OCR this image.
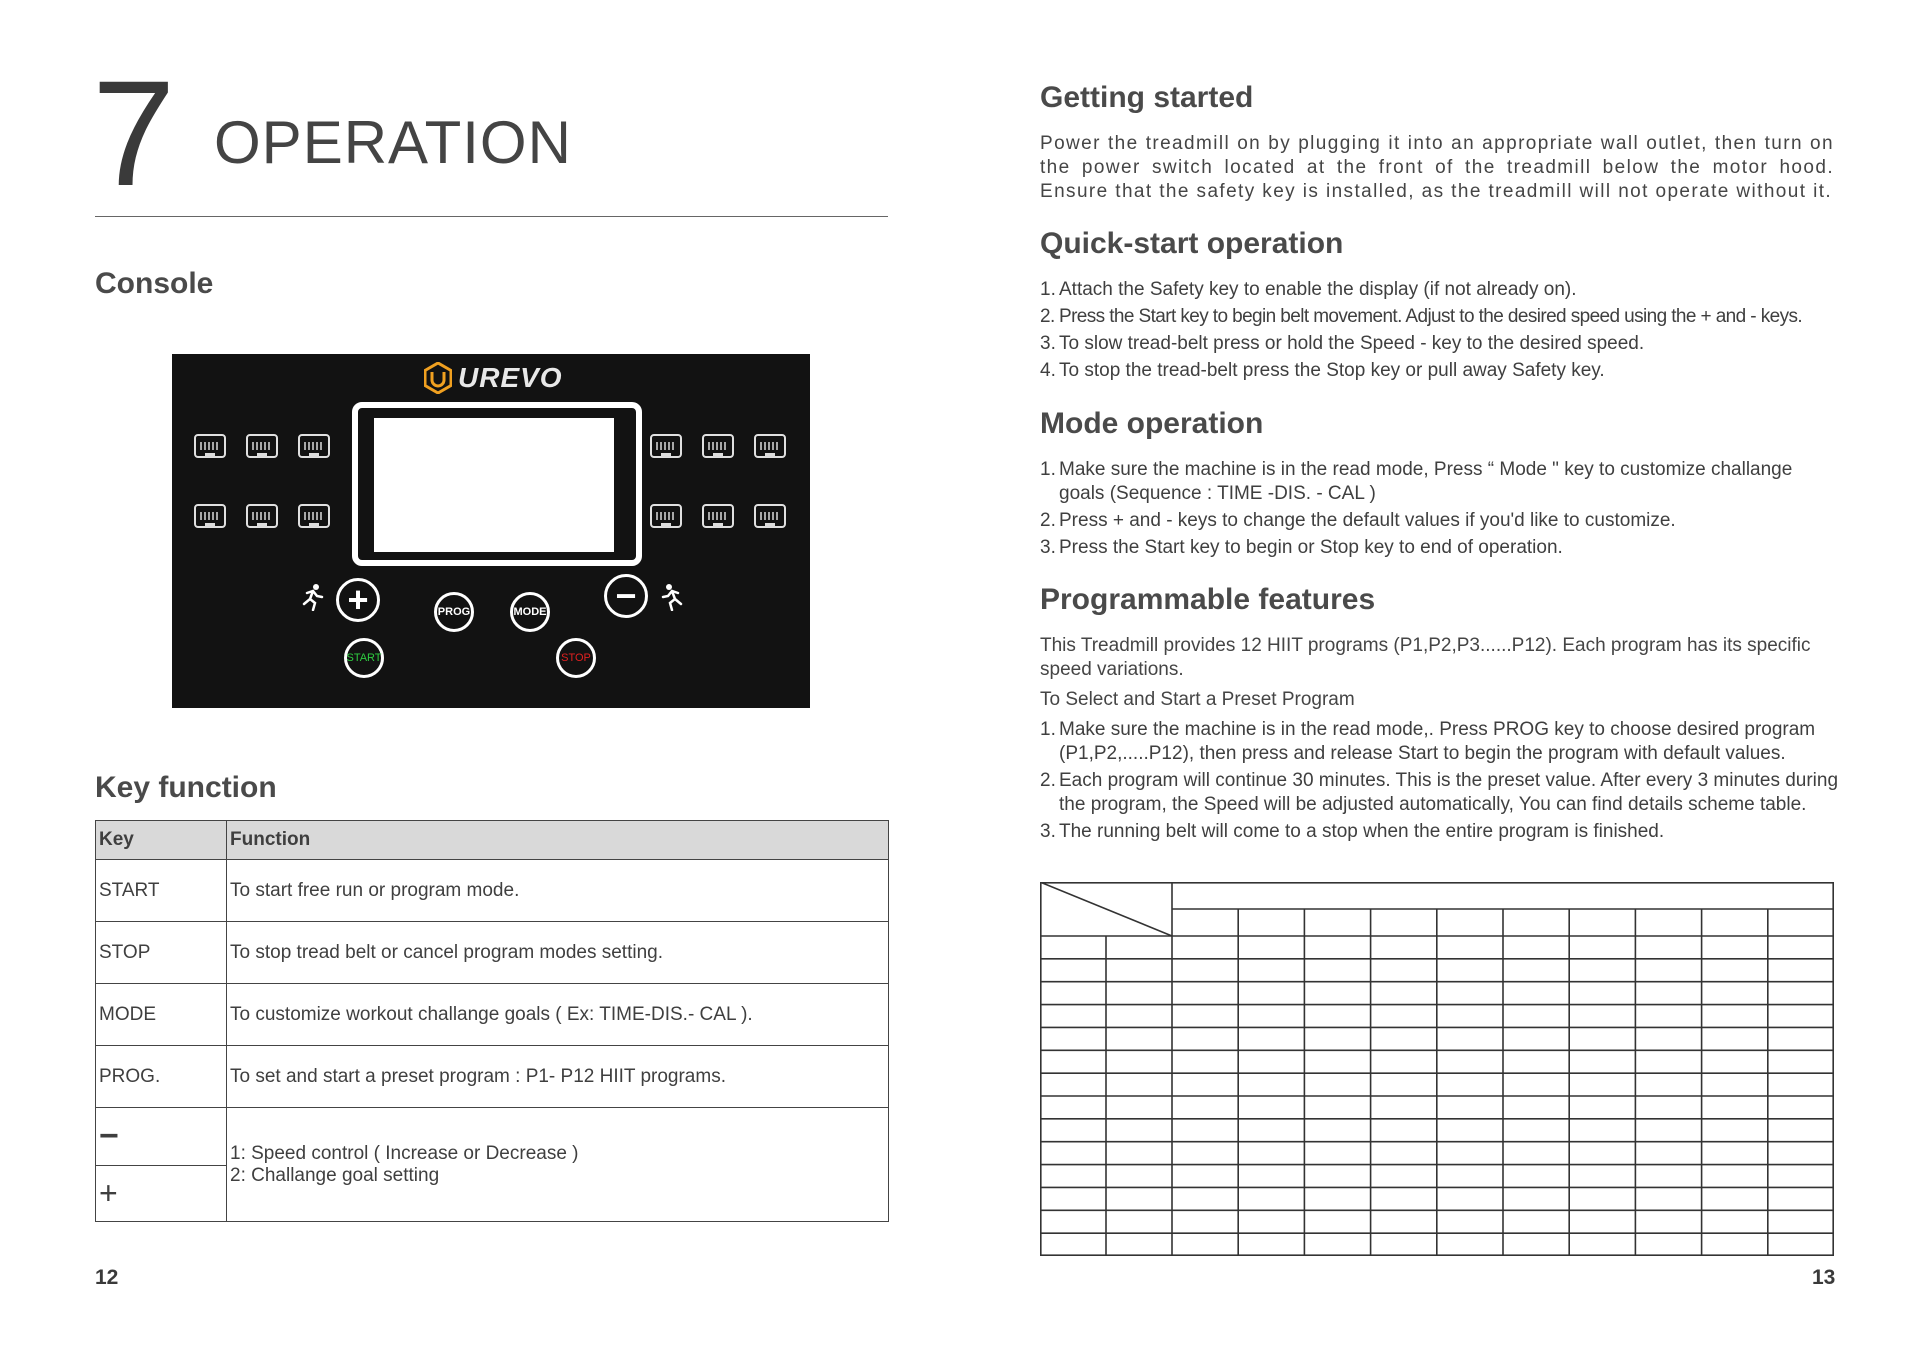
7 OPERATION
Console
UREVO
+	PROG	MODE	−
START	STOP
Key function
Key	Function
START	To start free run or program mode.
STOP	To stop tread belt or cancel program modes setting.
MODE	To customize workout challange goals ( Ex: TIME-DIS.- CAL ).
PROG.	To set and start a preset program : P1- P12 HIIT programs.
−	1: Speed control ( Increase or Decrease )
2: Challange goal setting

+	
12
Getting started
Power the treadmill on by plugging it into an appropriate wall outlet, then turn on the power switch located at the front of the treadmill below the motor hood. Ensure that the safety key is installed, as the treadmill will not operate without it.
Quick-start operation
1. Attach the Safety key to enable the display (if not already on).
2. Press the Start key to begin belt movement. Adjust to the desired speed using the + and - keys.
3. To slow tread-belt press or hold the Speed - key to the desired speed.
4. To stop the tread-belt press the Stop key or pull away Safety key.
Mode operation
1. Make sure the machine is in the read mode, Press “ Mode " key to customize challange goals (Sequence : TIME -DIS. - CAL )
2. Press + and - keys to change the default values if you'd like to customize.
3. Press the Start key to begin or Stop key to end of operation.
Programmable features
This Treadmill provides 12 HIIT programs (P1,P2,P3......P12). Each program has its specific speed variations.
To Select and Start a Preset Program
1. Make sure the machine is in the read mode,. Press PROG key to choose desired program (P1,P2,.....P12), then press and release Start to begin the program with default values.
2. Each program will continue 30 minutes. This is the preset value. After every 3 minutes during the program, the Speed will be adjusted automatically, You can find details scheme table.
3. The running belt will come to a stop when the entire program is finished.
13
